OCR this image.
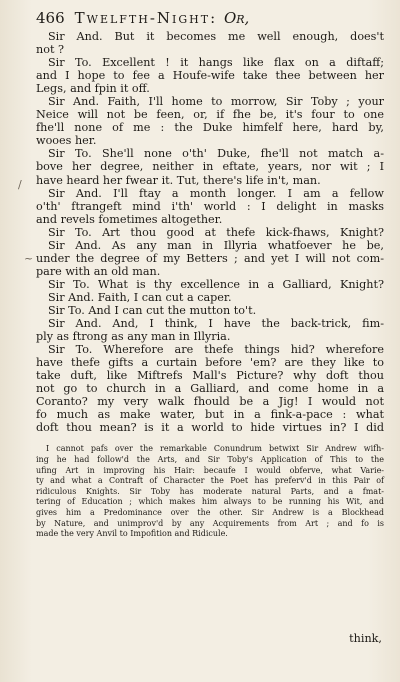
466 Twelfth-Night: Or,
Sir And. But it becomes me well enough, does't
not ?
Sir To. Excellent ! it hangs like flax on a diftaff;
and I hope to fee a Houfe-wife take thee between her
Legs, and fpin it off.
Sir And. Faith, I'll home to morrow, Sir Toby ; your
Neice will not be feen, or, if fhe be, it's four to one
fhe'll none of me : the Duke himfelf here, hard by,
wooes her.
Sir To. She'll none o'th' Duke, fhe'll not match a-
bove her degree, neither in eftate, years, nor wit ; I
have heard her fwear it. Tut, there's life in't, man.
Sir And. I'll ftay a month longer. I am a fellow
o'th' ftrangeft mind i'th' world : I delight in masks
and revels fometimes altogether.
Sir To. Art thou good at thefe kick-fhaws, Knight?
Sir And. As any man in Illyria whatfoever he be,
under the degree of my Betters ; and yet I will not com-
pare with an old man.
Sir To. What is thy excellence in a Galliard, Knight?
Sir And. Faith, I can cut a caper.
Sir To. And I can cut the mutton to't.
Sir And. And, I think, I have the back-trick, fim-
ply as ftrong as any man in Illyria.
Sir To. Wherefore are thefe things hid? wherefore
have thefe gifts a curtain before 'em? are they like to
take duft, like Miftrefs Mall's Picture? why doft thou
not go to church in a Galliard, and come home in a
Coranto? my very walk fhould be a Jig! I would not
fo much as make water, but in a fink-a-pace : what
doft thou mean? is it a world to hide virtues in? I did
I cannot pafs over the remarkable Conundrum betwixt Sir Andrew wifh-
ing he had follow'd the Arts, and Sir Toby's Application of This to the
ufing Art in improving his Hair: becaufe I would obferve, what Varie-
ty and what a Contraft of Character the Poet has preferv'd in this Pair of
ridiculous Knights. Sir Toby has moderate natural Parts, and a fmat-
tering of Education ; which makes him always to be running his Wit, and
gives him a Predominance over the other. Sir Andrew is a Blockhead
by Nature, and unimprov'd by any Acquirements from Art ; and fo is
made the very Anvil to Impofition and Ridicule.
think,
/
~
